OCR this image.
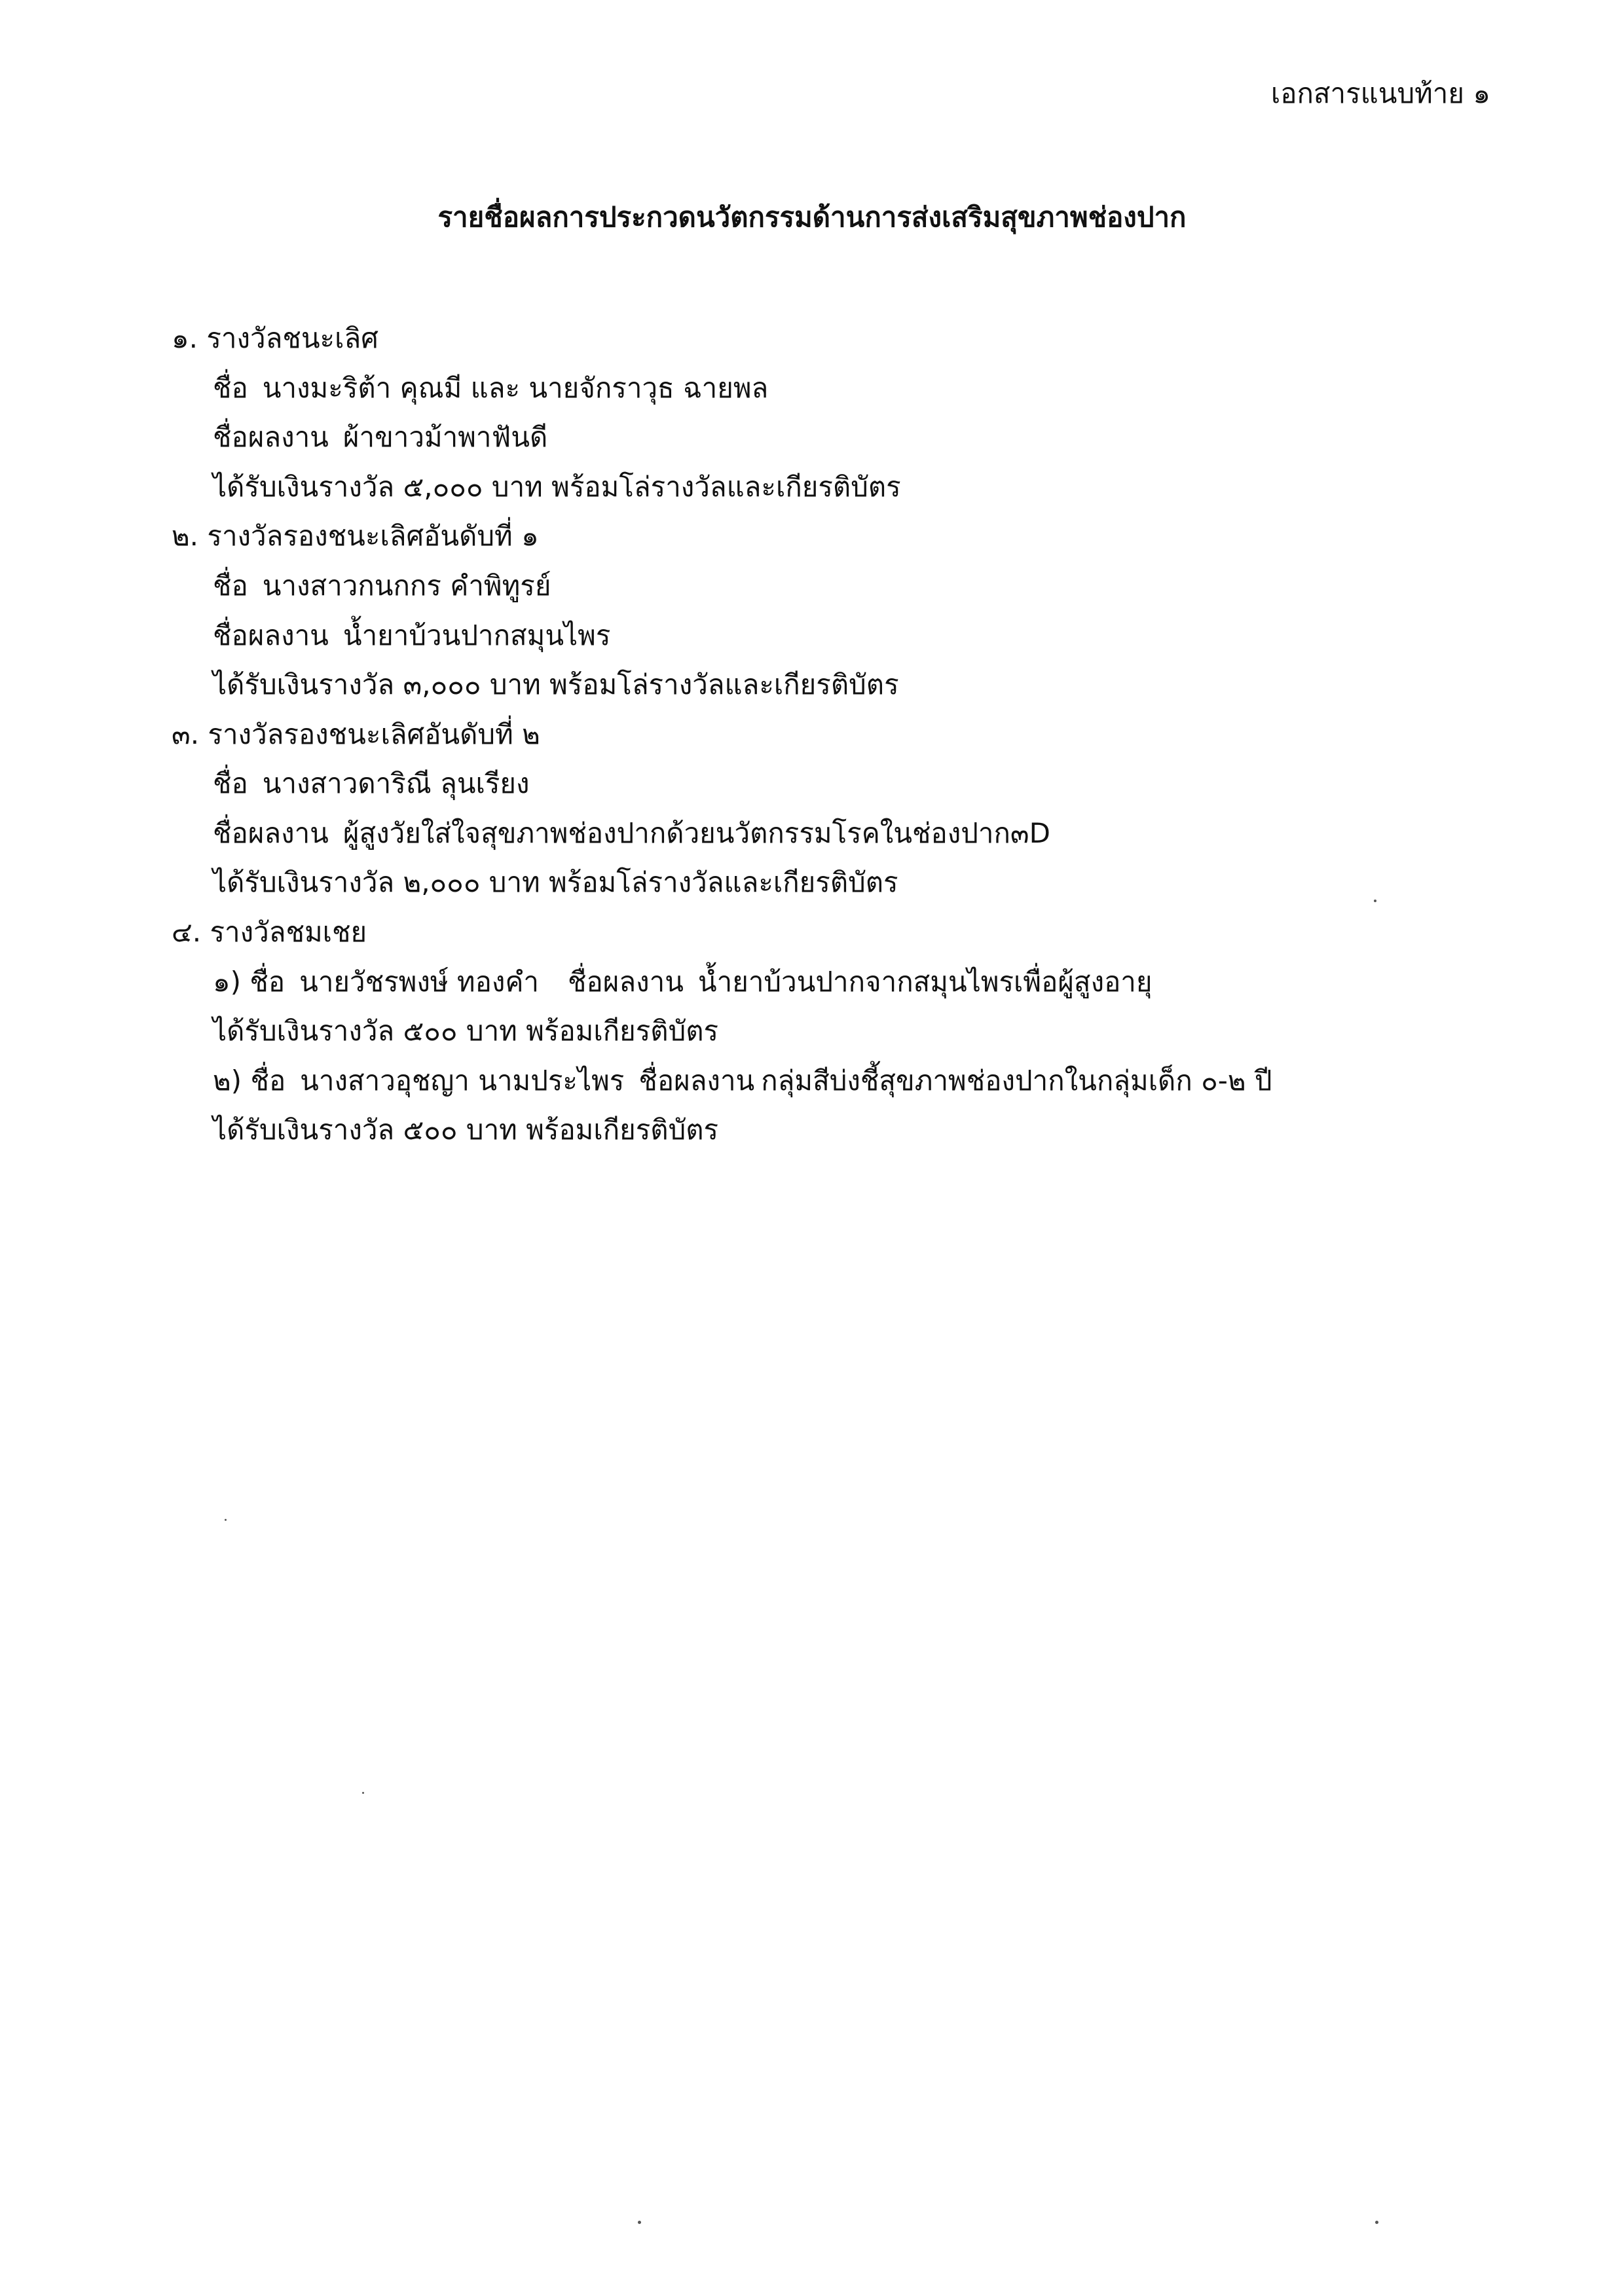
เอกสารแนบท้าย ๑
รายชื่อผลการประกวดนวัตกรรมด้านการส่งเสริมสุขภาพช่องปาก
๑. รางวัลชนะเลิศ
ชื่อ นางมะริต้า คุณมี และ นายจักราวุธ ฉายพล
ชื่อผลงาน ผ้าขาวม้าพาฟันดี
ได้รับเงินรางวัล ๕,๐๐๐ บาท พร้อมโล่รางวัลและเกียรติบัตร
๒. รางวัลรองชนะเลิศอันดับที่ ๑
ชื่อ นางสาวกนกกร คำพิทูรย์
ชื่อผลงาน น้ำยาบ้วนปากสมุนไพร
ได้รับเงินรางวัล ๓,๐๐๐ บาท พร้อมโล่รางวัลและเกียรติบัตร
๓. รางวัลรองชนะเลิศอันดับที่ ๒
ชื่อ นางสาวดาริณี ลุนเรียง
ชื่อผลงาน ผู้สูงวัยใส่ใจสุขภาพช่องปากด้วยนวัตกรรมโรคในช่องปาก๓D
ได้รับเงินรางวัล ๒,๐๐๐ บาท พร้อมโล่รางวัลและเกียรติบัตร
๔. รางวัลชมเชย
๑) ชื่อ นายวัชรพงษ์ ทองคำ ชื่อผลงาน น้ำยาบ้วนปากจากสมุนไพรเพื่อผู้สูงอายุ
ได้รับเงินรางวัล ๕๐๐ บาท พร้อมเกียรติบัตร
๒) ชื่อ นางสาวอุชญา นามประไพร ชื่อผลงาน กลุ่มสีบ่งชี้สุขภาพช่องปากในกลุ่มเด็ก ๐-๒ ปี
ได้รับเงินรางวัล ๕๐๐ บาท พร้อมเกียรติบัตร
